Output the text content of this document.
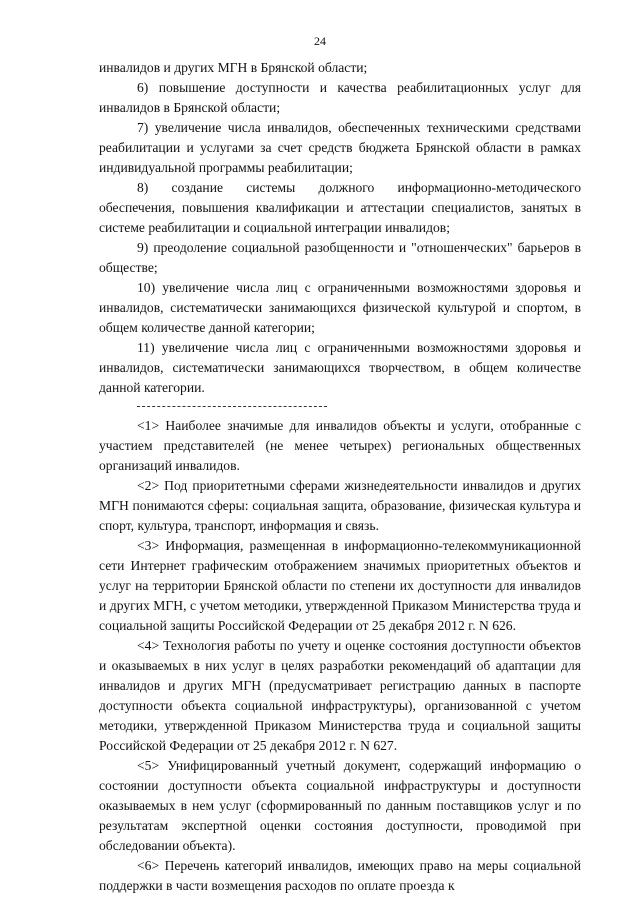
24

инвалидов и других МГН в Брянской области;

6) повышение доступности и качества реабилитационных услуг для инвалидов в Брянской области;

7) увеличение числа инвалидов, обеспеченных техническими средствами реабилитации и услугами за счет средств бюджета Брянской области в рамках индивидуальной программы реабилитации;

8) создание системы должного информационно-методического обеспечения, повышения квалификации и аттестации специалистов, занятых в системе реабилитации и социальной интеграции инвалидов;

9) преодоление социальной разобщенности и "отношенческих" барьеров в обществе;

10) увеличение числа лиц с ограниченными возможностями здоровья и инвалидов, систематически занимающихся физической культурой и спортом, в общем количестве данной категории;

11) увеличение числа лиц с ограниченными возможностями здоровья и инвалидов, систематически занимающихся творчеством, в общем количестве данной категории.

<1> Наиболее значимые для инвалидов объекты и услуги, отобранные с участием представителей (не менее четырех) региональных общественных организаций инвалидов.

<2> Под приоритетными сферами жизнедеятельности инвалидов и других МГН понимаются сферы: социальная защита, образование, физическая культура и спорт, культура, транспорт, информация и связь.

<3> Информация, размещенная в информационно-телекоммуникационной сети Интернет графическим отображением значимых приоритетных объектов и услуг на территории Брянской области по степени их доступности для инвалидов и других МГН, с учетом методики, утвержденной Приказом Министерства труда и социальной защиты Российской Федерации от 25 декабря 2012 г. N 626.

<4> Технология работы по учету и оценке состояния доступности объектов и оказываемых в них услуг в целях разработки рекомендаций об адаптации для инвалидов и других МГН (предусматривает регистрацию данных в паспорте доступности объекта социальной инфраструктуры), организованной с учетом методики, утвержденной Приказом Министерства труда и социальной защиты Российской Федерации от 25 декабря 2012 г. N 627.

<5> Унифицированный учетный документ, содержащий информацию о состоянии доступности объекта социальной инфраструктуры и доступности оказываемых в нем услуг (сформированный по данным поставщиков услуг и по результатам экспертной оценки состояния доступности, проводимой при обследовании объекта).

<6> Перечень категорий инвалидов, имеющих право на меры социальной поддержки в части возмещения расходов по оплате проезда к
